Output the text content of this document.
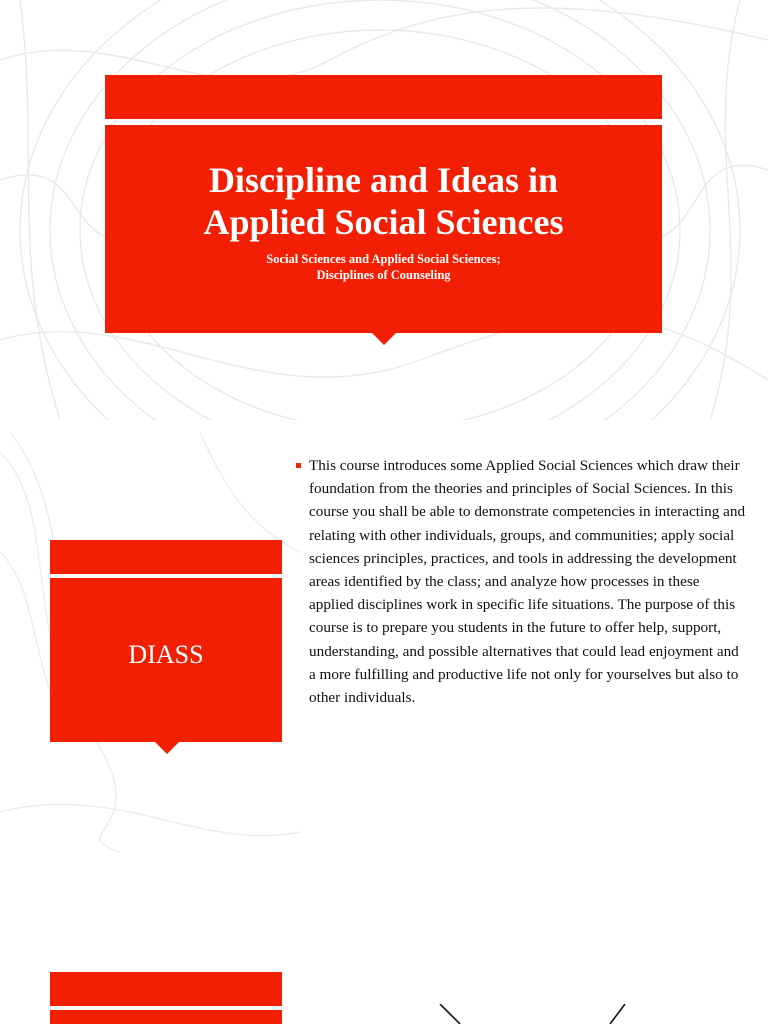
Discipline and Ideas in
Applied Social Sciences

Social Sciences and Applied Social Sciences;
Disciplines of Counseling

DIASS

This course introduces some Applied Social Sciences which draw their foundation from the theories and principles of Social Sciences. In this course you shall be able to demonstrate competencies in interacting and relating with other individuals, groups, and communities; apply social sciences principles, practices, and tools in addressing the development areas identified by the class; and analyze how processes in these applied disciplines work in specific life situations. The purpose of this course is to prepare you students in the future to offer help, support, understanding, and possible alternatives that could lead enjoyment and a more fulfilling and productive life not only for yourselves but also to other individuals.
